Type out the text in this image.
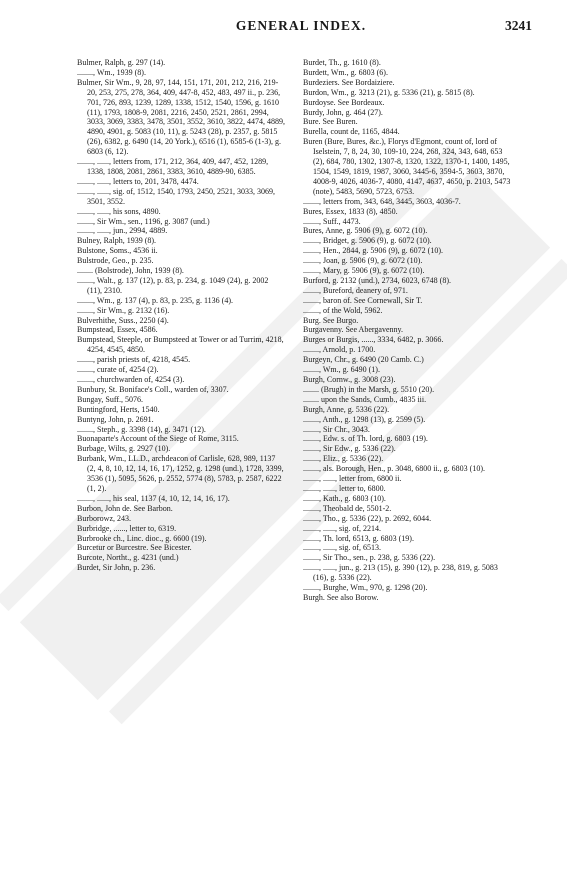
GENERAL INDEX.	3241

Bulmer, Ralph, g. 297 (14).

........, Wm., 1939 (8).

Bulmer, Sir Wm., 9, 28, 97, 144, 151, 171, 201, 212, 216, 219-20, 253, 275, 278, 364, 409, 447-8, 452, 483, 497 ii., p. 236, 701, 726, 893, 1239, 1289, 1338, 1512, 1540, 1596, g. 1610 (11), 1793, 1808-9, 2081, 2216, 2450, 2521, 2861, 2994, 3033, 3069, 3383, 3478, 3501, 3552, 3610, 3822, 4474, 4889, 4890, 4901, g. 5083 (10, 11), g. 5243 (28), p. 2357, g. 5815 (26), 6382, g. 6490 (14, 20 York.), 6516 (1), 6585-6 (1-3), g. 6803 (6, 12).

........, ......, letters from, 171, 212, 364, 409, 447, 452, 1289, 1338, 1808, 2081, 2861, 3383, 3610, 4889-90, 6385.

........, ......, letters to, 201, 3478, 4474.

........, ......, sig. of, 1512, 1540, 1793, 2450, 2521, 3033, 3069, 3501, 3552.

........, ......, his sons, 4890.

........, Sir Wm., sen., 1196, g. 3087 (und.)

........, ......, jun., 2994, 4889.

Bulney, Ralph, 1939 (8).

Bulstone, Soms., 4536 ii.

Bulstrode, Geo., p. 235.

........ (Bolstrode), John, 1939 (8).

........, Walt., g. 137 (12), p. 83, p. 234, g. 1049 (24), g. 2002 (11), 2310.

........, Wm., g. 137 (4), p. 83, p. 235, g. 1136 (4).

........, Sir Wm., g. 2132 (16).

Bulverhithe, Suss., 2250 (4).

Bumpstead, Essex, 4586.

Bumpstead, Steeple, or Bumpsteed at Tower or ad Turrim, 4218, 4254, 4545, 4850.

........, parish priests of, 4218, 4545.

........, curate of, 4254 (2).

........, churchwarden of, 4254 (3).

Bunbury, St. Boniface's Coll., warden of, 3307.

Bungay, Suff., 5076.

Buntingford, Herts, 1540.

Buntyng, John, p. 2691.

........, Steph., g. 3398 (14), g. 3471 (12).

Buonaparte's Account of the Siege of Rome, 3115.

Burbage, Wilts, g. 2927 (10).

Burbank, Wm., LL.D., archdeacon of Carlisle, 628, 989, 1137 (2, 4, 8, 10, 12, 14, 16, 17), 1252, g. 1298 (und.), 1728, 3399, 3536 (1), 5095, 5626, p. 2552, 5774 (8), 5783, p. 2587, 6222 (1, 2).

........, ......, his seal, 1137 (4, 10, 12, 14, 16, 17).

Burbon, John de. See Barbon.

Burborowz, 243.

Burbridge, ......, letter to, 6319.

Burbrooke ch., Linc. dioc., g. 6600 (19).

Burcetur or Burcestre. See Bicester.

Burcote, Northt., g. 4231 (und.)

Burdet, Sir John, p. 236.

Burdet, Th., g. 1610 (8).

Burdett, Wm., g. 6803 (6).

Burdeziers. See Bordaiziere.

Burdon, Wm., g. 3213 (21), g. 5336 (21), g. 5815 (8).

Burdoyse. See Bordeaux.

Burdy, John, g. 464 (27).

Bure. See Buren.

Burella, count de, 1165, 4844.

Buren (Bure, Bures, &c.), Florys d'Egmont, count of, lord of Iselstein, 7, 8, 24, 30, 109-10, 224, 268, 324, 343, 648, 653 (2), 684, 780, 1302, 1307-8, 1320, 1322, 1370-1, 1400, 1495, 1504, 1549, 1819, 1987, 3060, 3445-6, 3594-5, 3603, 3870, 4008-9, 4026, 4036-7, 4080, 4147, 4637, 4650, p. 2103, 5473 (note), 5483, 5690, 5723, 6753.

........, letters from, 343, 648, 3445, 3603, 4036-7.

Bures, Essex, 1833 (8), 4850.

........, Suff., 4473.

Bures, Anne, g. 5906 (9), g. 6072 (10).

........, Bridget, g. 5906 (9), g. 6072 (10).

........, Hen., 2844, g. 5906 (9), g. 6072 (10).

........, Joan, g. 5906 (9), g. 6072 (10).

........, Mary, g. 5906 (9), g. 6072 (10).

Burford, g. 2132 (und.), 2734, 6023, 6748 (8).

........, Bureford, deanery of, 971.

........, baron of. See Cornewall, Sir T.

........, of the Wold, 5962.

Burg. See Burgo.

Burgavenny. See Abergavenny.

Burges or Burgis, ......, 3334, 6482, p. 3066.

........, Arnold, p. 1700.

Burgeyn, Chr., g. 6490 (20 Camb. C.)

........, Wm., g. 6490 (1).

Burgh, Cornw., g. 3008 (23).

........ (Brugh) in the Marsh, g. 5510 (20).

........ upon the Sands, Cumb., 4835 iii.

Burgh, Anne, g. 5336 (22).

........, Anth., g. 1298 (13), g. 2599 (5).

........, Sir Chr., 3043.

........, Edw. s. of Th. lord, g. 6803 (19).

........, Sir Edw., g. 5336 (22).

........, Eliz., g. 5336 (22).

........, als. Borough, Hen., p. 3048, 6800 ii., g. 6803 (10).

........, ......, letter from, 6800 ii.

........, ......, letter to, 6800.

........, Kath., g. 6803 (10).

........, Theobald de, 5501-2.

........, Tho., g. 5336 (22), p. 2692, 6044.

........, ......, sig. of, 2214.

........, Th. lord, 6513, g. 6803 (19).

........, ......, sig. of, 6513.

........, Sir Tho., sen., p. 238, g. 5336 (22).

........, ......, jun., g. 213 (15), g. 390 (12), p. 238, 819, g. 5083 (16), g. 5336 (22).

........, Burghe, Wm., 970, g. 1298 (20).

Burgh. See also Borow.
